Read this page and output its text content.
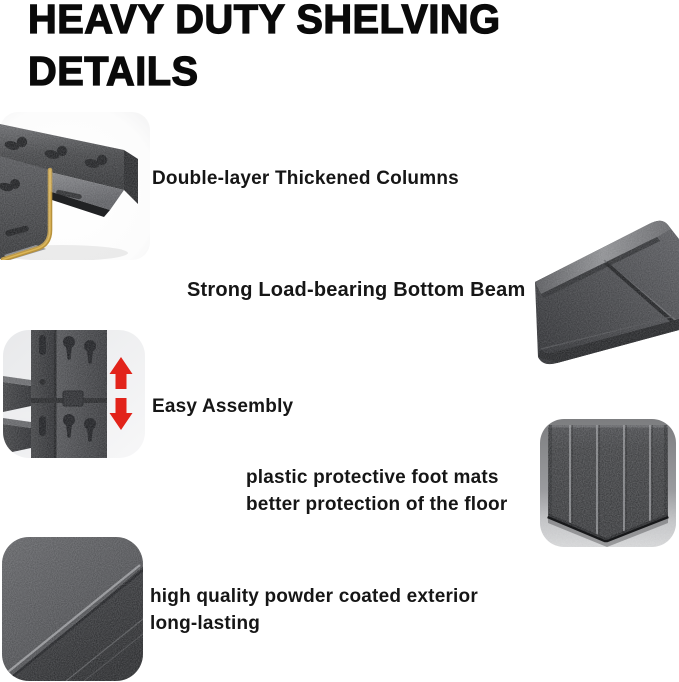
HEAVY DUTY SHELVING
DETAILS
Double-layer Thickened Columns
Strong Load-bearing Bottom Beam
Easy Assembly
plastic protective foot mats
better protection of the floor
high quality powder coated exterior
long-lasting
